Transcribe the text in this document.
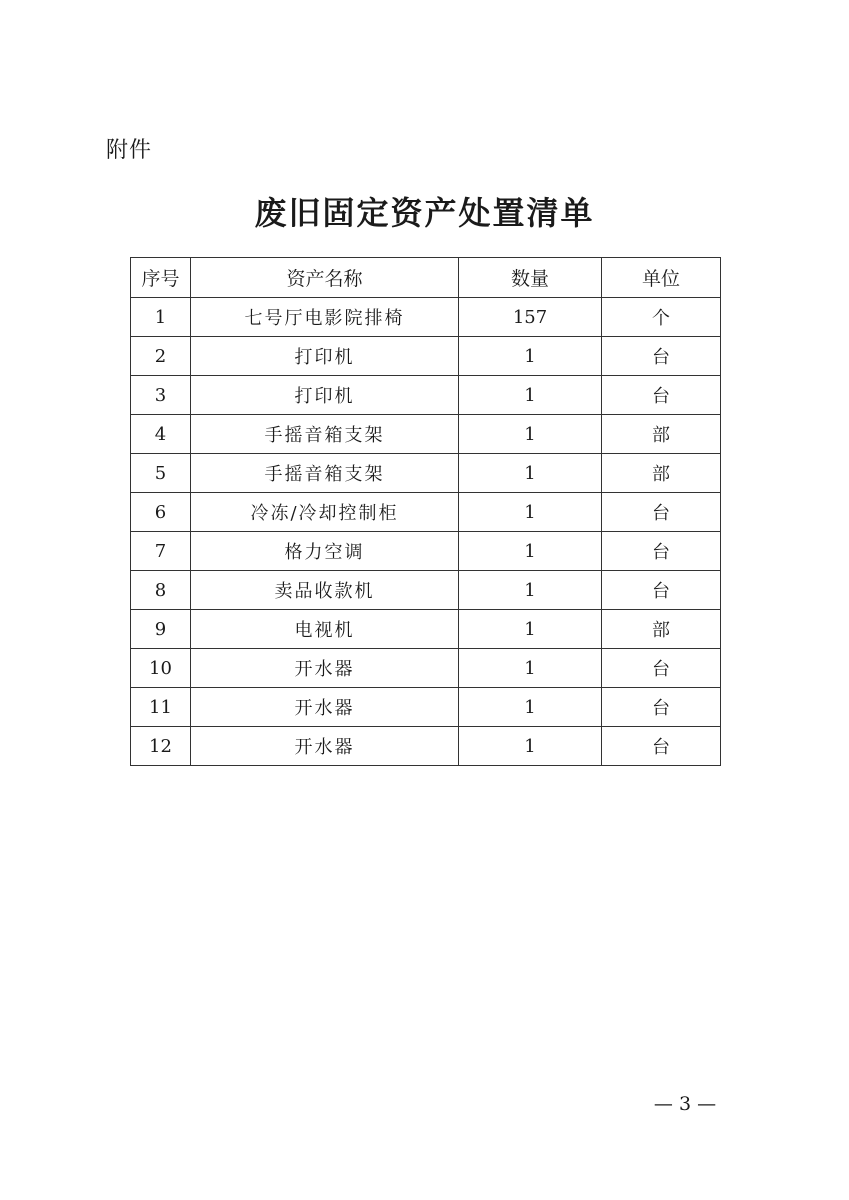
附件
废旧固定资产处置清单
序号	资产名称	数量	单位
1	七号厅电影院排椅	157	个
2	打印机	1	台
3	打印机	1	台
4	手摇音箱支架	1	部
5	手摇音箱支架	1	部
6	冷冻/冷却控制柜	1	台
7	格力空调	1	台
8	卖品收款机	1	台
9	电视机	1	部
10	开水器	1	台
11	开水器	1	台
12	开水器	1	台
— 3 —
